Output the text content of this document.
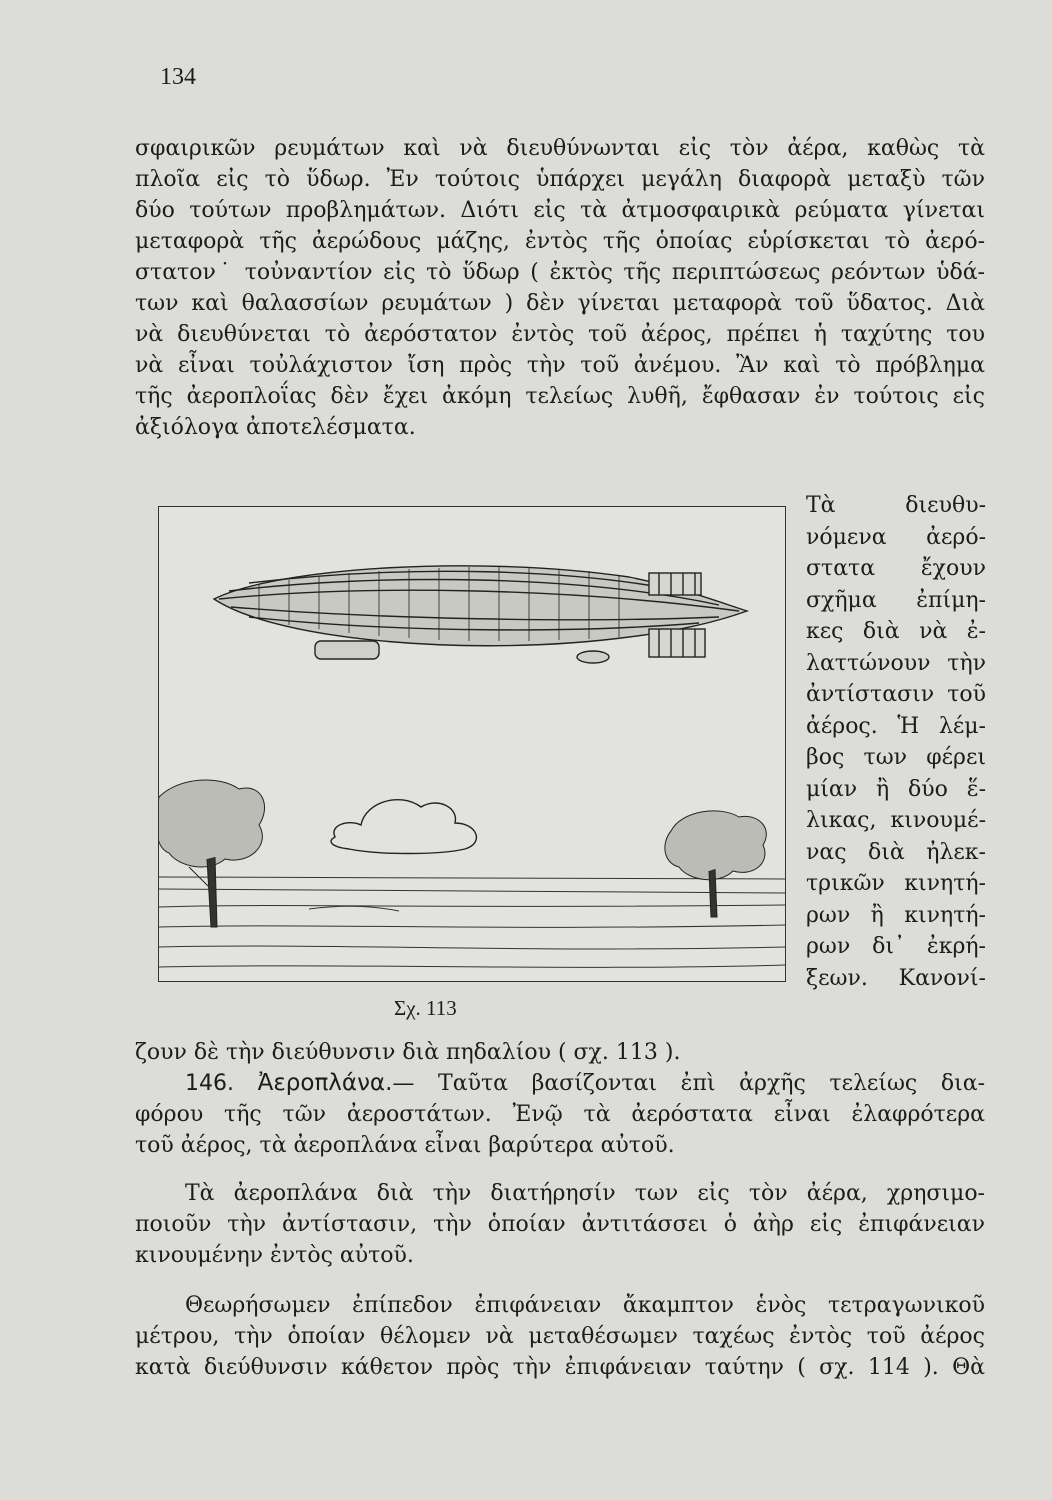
134
σφαιρικῶν ρευμάτων καὶ νὰ διευθύνωνται εἰς τὸν ἀέρα, καθὼς τὰ
πλοῖα εἰς τὸ ὕδωρ. Ἐν τούτοις ὑπάρχει μεγάλη διαφορὰ μεταξὺ τῶν
δύο τούτων προβλημάτων. Διότι εἰς τὰ ἀτμοσφαιρικὰ ρεύματα γίνεται
μεταφορὰ τῆς ἀερώδους μάζης, ἐντὸς τῆς ὁποίας εὑρίσκεται τὸ ἀερό-
στατον˙ τοὐναντίον εἰς τὸ ὕδωρ ( ἐκτὸς τῆς περιπτώσεως ρεόντων ὑδά-
των καὶ θαλασσίων ρευμάτων ) δὲν γίνεται μεταφορὰ τοῦ ὕδατος. Διὰ
νὰ διευθύνεται τὸ ἀερόστατον ἐντὸς τοῦ ἀέρος, πρέπει ἡ ταχύτης του
νὰ εἶναι τοὐλάχιστον ἴση πρὸς τὴν τοῦ ἀνέμου. Ἂν καὶ τὸ πρόβλημα
τῆς ἀεροπλοΐας δὲν ἔχει ἀκόμη τελείως λυθῆ, ἔφθασαν ἐν τούτοις εἰς
ἀξιόλογα ἀποτελέσματα.
Σχ. 113
Τὰ διευθυ-
νόμενα ἀερό-
στατα ἔχουν
σχῆμα ἐπίμη-
κες διὰ νὰ ἐ-
λαττώνουν τὴν
ἀντίστασιν τοῦ
ἀέρος. Ἡ λέμ-
βος των φέρει
μίαν ἢ δύο ἕ-
λικας, κινουμέ-
νας διὰ ἠλεκ-
τρικῶν κινητή-
ρων ἢ κινητή-
ρων δι᾿ ἐκρή-
ξεων. Κανονί-
ζουν δὲ τὴν διεύθυνσιν διὰ πηδαλίου ( σχ. 113 ).
146. Ἀεροπλάνα.— Ταῦτα βασίζονται ἐπὶ ἀρχῆς τελείως δια-
φόρου τῆς τῶν ἀεροστάτων. Ἐνῷ τὰ ἀερόστατα εἶναι ἐλαφρότερα
τοῦ ἀέρος, τὰ ἀεροπλάνα εἶναι βαρύτερα αὐτοῦ.
Τὰ ἀεροπλάνα διὰ τὴν διατήρησίν των εἰς τὸν ἀέρα, χρησιμο-
ποιοῦν τὴν ἀντίστασιν, τὴν ὁποίαν ἀντιτάσσει ὁ ἀὴρ εἰς ἐπιφάνειαν
κινουμένην ἐντὸς αὐτοῦ.
Θεωρήσωμεν ἐπίπεδον ἐπιφάνειαν ἄκαμπτον ἑνὸς τετραγωνικοῦ
μέτρου, τὴν ὁποίαν θέλομεν νὰ μεταθέσωμεν ταχέως ἐντὸς τοῦ ἀέρος
κατὰ διεύθυνσιν κάθετον πρὸς τὴν ἐπιφάνειαν ταύτην ( σχ. 114 ). Θὰ
